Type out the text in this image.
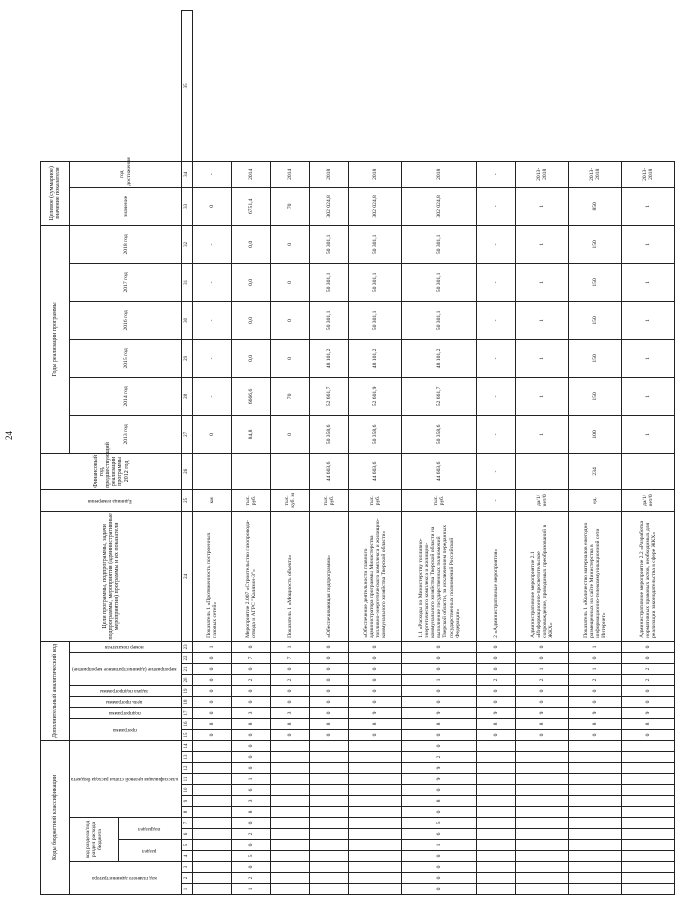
24
Коды бюджетной классификации														Дополнительный аналитический код									Цели программы, подпрограммы, задачи подпрограммы, мероприятия (административные мероприятия) программы и их показатели	Единица измерения	Финансовый год, предшествующий реализации программы 2012 год	Годы реализации программы						Целевое (суммарное) значение показателя		
код главного администратора			код раздела/под раздел расхода бюджета				классификация целевой статьи расхода бюджета							программа		подпрограмма	цель программы	задача подпрограммы	мероприятие (административное мероприятие)			номер показателя				2013 год	2014 год	2015 год	2016 год	2017 год	2018 год	значение	год достижения	
			раздел		подраздел																													
1	2	3	4	5	6	7	8	9	10	11	12	13	14	15	16	17	18	19	20	21	22	23	24	25	26	27	28	29	30	31	32	33	34	35
														0	8	0	0	0	0	0	0	1	Показатель 1 «Протяженность построенных газовых сетей»	км		0	-	-	-	-	-	0	-	
1	2	0	5	0	2	0	8	3	6	1	0	0	0	0	8	3	0	0	2	0	7	0	Мероприятие 2.007 «Строительство газопровода-отвода и АГРС "Калязин-3"»	тыс. руб.		84,8	6666,6	0,0	0,0	0,0	0,0	6751,4	2014	
														0	8	3	0	0	2	0	7	1	Показатель 1 «Мощность объекта»	тыс. куб. м		0	70	0	0	0	0	70	2014	
														0	8	0	0	0	0	0	0	0	«Обеспечивающая подпрограмма»	тыс. руб.	44 603,6	50 358,6	52 661,7	48 101,2	50 301,1	50 301,1	50 301,1	302 024,8	2018	
														0	8	9	0	0	0	0	0	0	«Обеспечение деятельности главного администратора программы Министерства топливно-энергетического комплекса и жилищно-коммунального хозяйства Тверской области»	тыс. руб.	44 603,6	50 358,6	52 601,9	48 101,2	50 301,1	50 301,1	50 301,1	302 024,8	2018	
0	0	0	0	1	6	5	0	8	0	9	9	2	0	0	8	9	0	0	1	0	0	0	1.1 «Расходы по Министерству топливно-энергетического комплекса и жилищно-коммунального хозяйства Тверской области на выполнение государственных полномочий Тверской области, за исключением переданных государственных полномочий Российской Федерации»	тыс. руб.	44 603,6	50 358,6	52 661,7	48 101,2	50 301,1	50 301,1	50 301,1	302 024,8	2018	
														0	8	9	0	0	2	0	0	0	2 «Административные мероприятия»	-	-	-	-	-	-	-	-	-	-	
														0	8	9	0	0	2	1	0	0	Административное мероприятие 2.1 «Информационно-просветительское сопровождение, проводимых преобразований в ЖКХ»	да/1/ нет/0		1	1	1	1	1	1	1	2013-2018	
														0	8	9	0	0	2	1	0	1	Показатель 1 «Количество материалов ежегодно размещенных на сайте Министерства в информационно-телекоммуникационной сети Интернет»	ед.	234	100	150	150	150	150	150	850	2013-2018	
														0	8	9	0	0	2	2	0	0	Административное мероприятие 2.2 «Разработка нормативных правовых актов, необходимых для реализации законодательства в сфере ЖКХ»	да/1/ нет/0		1	1	1	1	1	1	1	2013-2018	
